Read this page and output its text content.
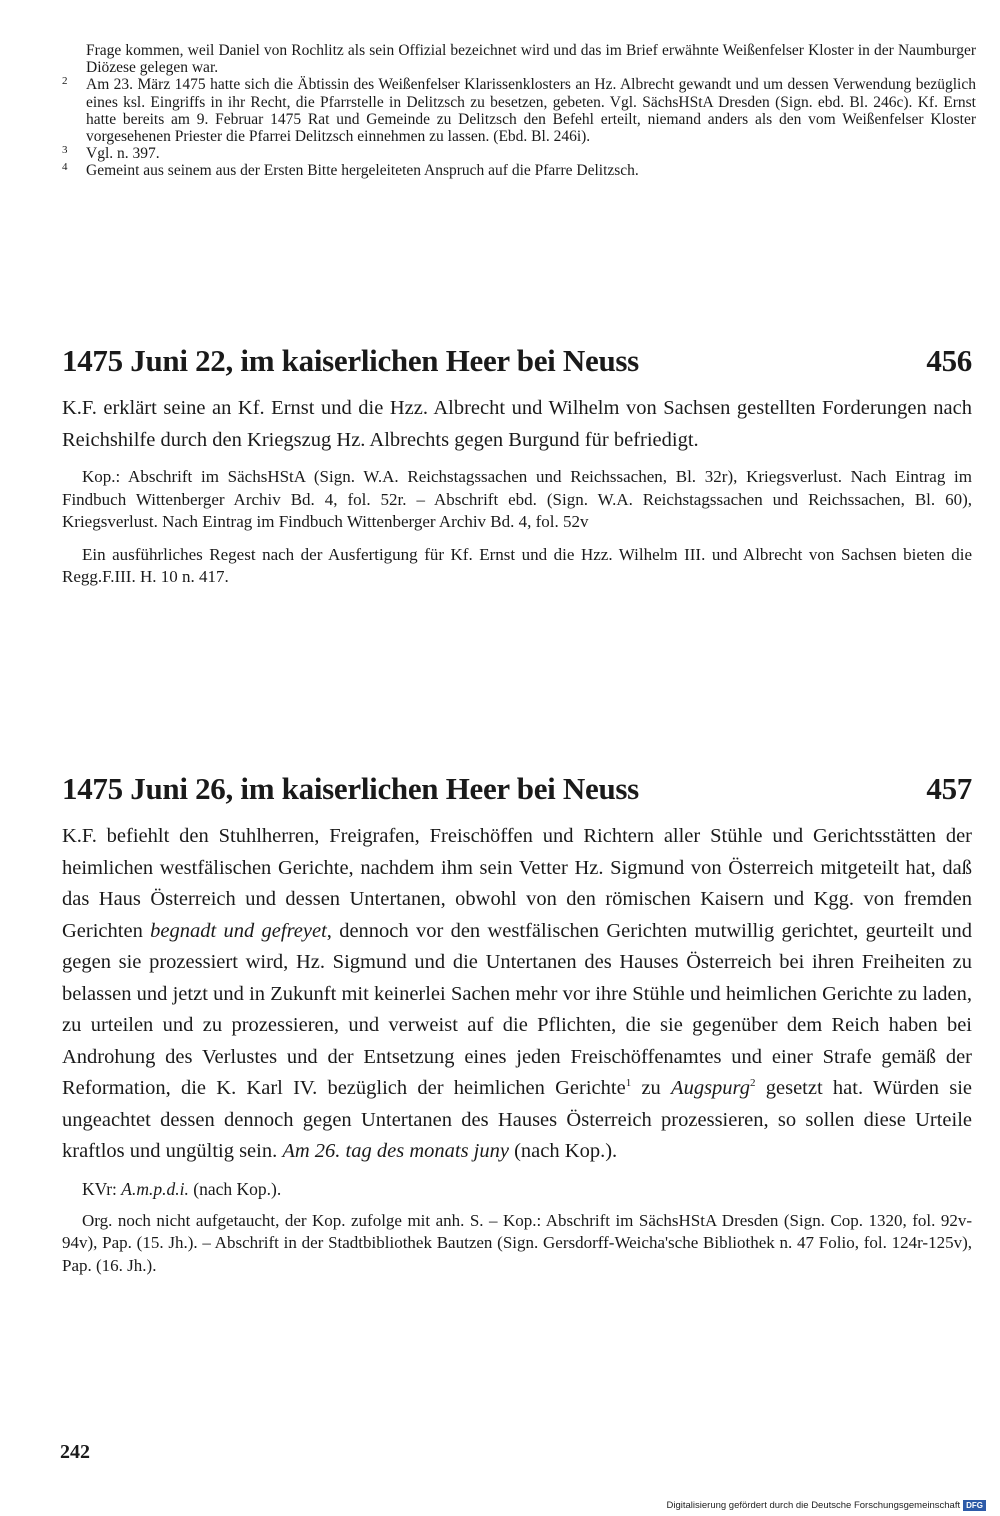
Frage kommen, weil Daniel von Rochlitz als sein Offizial bezeichnet wird und das im Brief erwähnte Weißenfelser Kloster in der Naumburger Diözese gelegen war.
2 Am 23. März 1475 hatte sich die Äbtissin des Weißenfelser Klarissenklosters an Hz. Albrecht gewandt und um dessen Verwendung bezüglich eines ksl. Eingriffs in ihr Recht, die Pfarrstelle in Delitzsch zu besetzen, gebeten. Vgl. SächsHStA Dresden (Sign. ebd. Bl. 246c). Kf. Ernst hatte bereits am 9. Februar 1475 Rat und Gemeinde zu Delitzsch den Befehl erteilt, niemand anders als den vom Weißenfelser Kloster vorgesehenen Priester die Pfarrei Delitzsch einnehmen zu lassen. (Ebd. Bl. 246i).
3 Vgl. n. 397.
4 Gemeint aus seinem aus der Ersten Bitte hergeleiteten Anspruch auf die Pfarre Delitzsch.
1475 Juni 22, im kaiserlichen Heer bei Neuss	456
K.F. erklärt seine an Kf. Ernst und die Hzz. Albrecht und Wilhelm von Sachsen gestellten Forderungen nach Reichshilfe durch den Kriegszug Hz. Albrechts gegen Burgund für befriedigt.
Kop.: Abschrift im SächsHStA (Sign. W.A. Reichstagssachen und Reichssachen, Bl. 32r), Kriegsverlust. Nach Eintrag im Findbuch Wittenberger Archiv Bd. 4, fol. 52r. – Abschrift ebd. (Sign. W.A. Reichstagssachen und Reichssachen, Bl. 60), Kriegsverlust. Nach Eintrag im Findbuch Wittenberger Archiv Bd. 4, fol. 52v
Ein ausführliches Regest nach der Ausfertigung für Kf. Ernst und die Hzz. Wilhelm III. und Albrecht von Sachsen bieten die Regg.F.III. H. 10 n. 417.
1475 Juni 26, im kaiserlichen Heer bei Neuss	457
K.F. befiehlt den Stuhlherren, Freigrafen, Freischöffen und Richtern aller Stühle und Gerichtsstätten der heimlichen westfälischen Gerichte, nachdem ihm sein Vetter Hz. Sigmund von Österreich mitgeteilt hat, daß das Haus Österreich und dessen Untertanen, obwohl von den römischen Kaisern und Kgg. von fremden Gerichten begnadt und gefreyet, dennoch vor den westfälischen Gerichten mutwillig gerichtet, geurteilt und gegen sie prozessiert wird, Hz. Sigmund und die Untertanen des Hauses Österreich bei ihren Freiheiten zu belassen und jetzt und in Zukunft mit keinerlei Sachen mehr vor ihre Stühle und heimlichen Gerichte zu laden, zu urteilen und zu prozessieren, und verweist auf die Pflichten, die sie gegenüber dem Reich haben bei Androhung des Verlustes und der Entsetzung eines jeden Freischöffenamtes und einer Strafe gemäß der Reformation, die K. Karl IV. bezüglich der heimlichen Gerichte$^1$ zu Augspurg$^2$ gesetzt hat. Würden sie ungeachtet dessen dennoch gegen Untertanen des Hauses Österreich prozessieren, so sollen diese Urteile kraftlos und ungültig sein. Am 26. tag des monats juny (nach Kop.).
KVr: A.m.p.d.i. (nach Kop.).
Org. noch nicht aufgetaucht, der Kop. zufolge mit anh. S. – Kop.: Abschrift im SächsHStA Dresden (Sign. Cop. 1320, fol. 92v-94v), Pap. (15. Jh.). – Abschrift in der Stadtbibliothek Bautzen (Sign. Gersdorff-Weicha'sche Bibliothek n. 47 Folio, fol. 124r-125v), Pap. (16. Jh.).
242
Digitalisierung gefördert durch die Deutsche Forschungsgemeinschaft DFG
